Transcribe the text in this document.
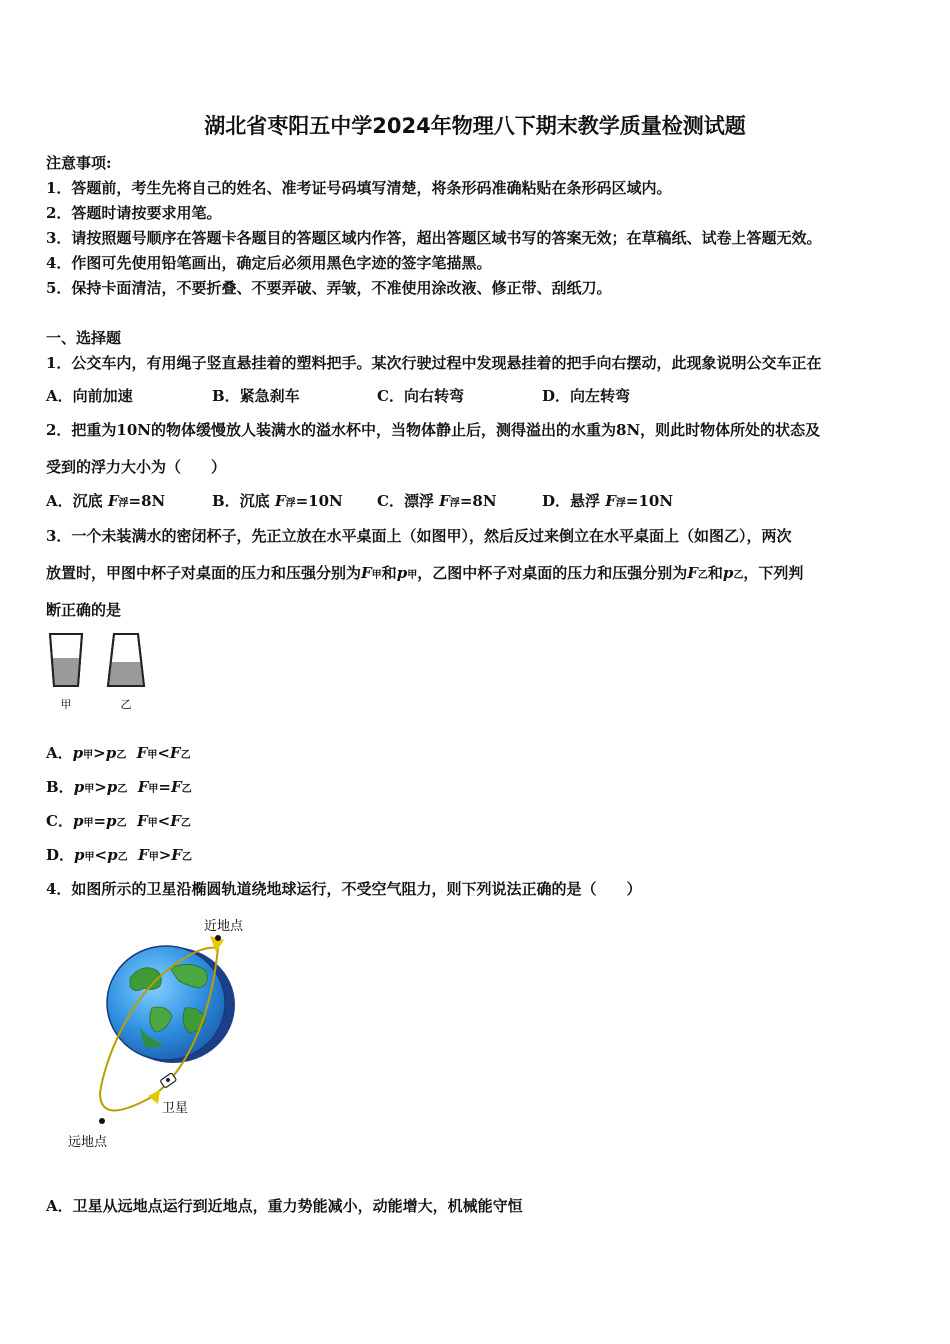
湖北省枣阳五中学2024年物理八下期末教学质量检测试题
注意事项:
1．答题前，考生先将自己的姓名、准考证号码填写清楚，将条形码准确粘贴在条形码区域内。
2．答题时请按要求用笔。
3．请按照题号顺序在答题卡各题目的答题区域内作答，超出答题区域书写的答案无效；在草稿纸、试卷上答题无效。
4．作图可先使用铅笔画出，确定后必须用黑色字迹的签字笔描黑。
5．保持卡面清洁，不要折叠、不要弄破、弄皱，不准使用涂改液、修正带、刮纸刀。
一、选择题
1．公交车内，有用绳子竖直悬挂着的塑料把手。某次行驶过程中发现悬挂着的把手向右摆动，此现象说明公交车正在
A．向前加速	B．紧急刹车	C．向右转弯	D．向左转弯
2．把重为10N的物体缓慢放人装满水的溢水杯中，当物体静止后，测得溢出的水重为8N，则此时物体所处的状态及
受到的浮力大小为（　　）
A．沉底 F浮=8N	B．沉底 F浮=10N C．漂浮 F浮=8N	D．悬浮 F浮=10N
3．一个未装满水的密闭杯子，先正立放在水平桌面上（如图甲），然后反过来倒立在水平桌面上（如图乙），两次
放置时，甲图中杯子对桌面的压力和压强分别为F甲和p甲，乙图中杯子对桌面的压力和压强分别为F乙和p乙，下列判
断正确的是
甲	乙
A．p甲>p乙 F甲<F乙
B．p甲>p乙 F甲=F乙
C．p甲=p乙 F甲<F乙
D．p甲<p乙 F甲>F乙
4．如图所示的卫星沿椭圆轨道绕地球运行，不受空气阻力，则下列说法正确的是（　　）
近地点
卫星
远地点
A．卫星从远地点运行到近地点，重力势能减小，动能增大，机械能守恒
